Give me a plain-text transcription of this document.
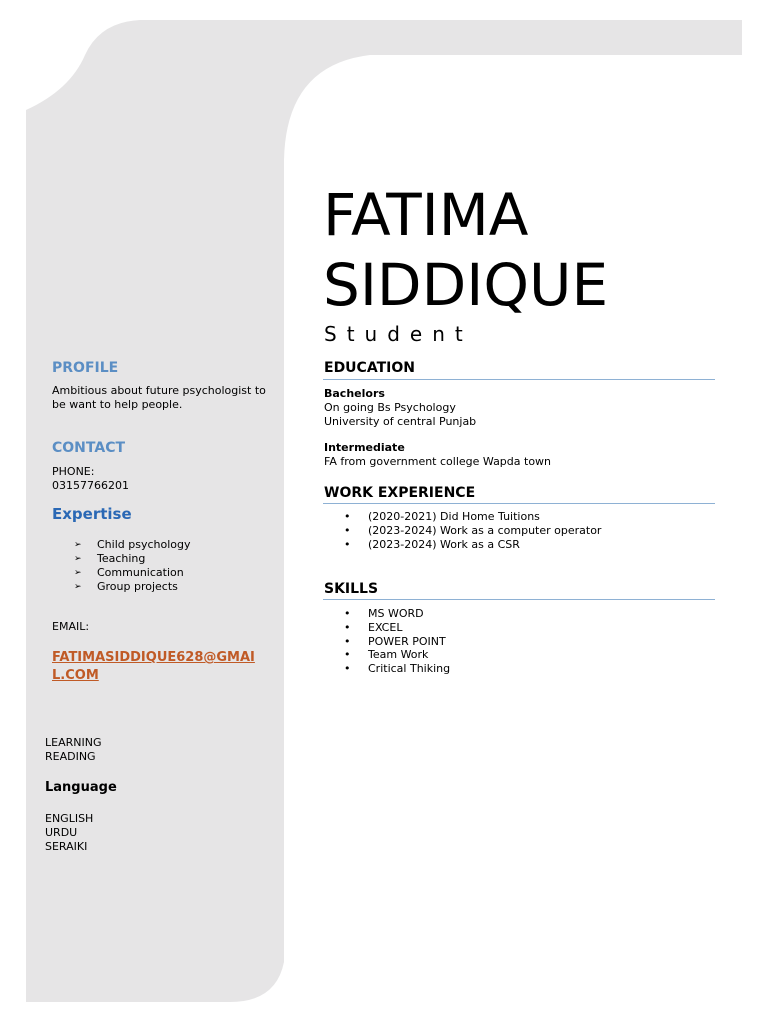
FATIMA
SIDDIQUE

Student

EDUCATION

Bachelors

On going Bs Psychology

University of central Punjab

Intermediate

FA from government college Wapda town

WORK EXPERIENCE

• (2020-2021) Did Home Tuitions
• (2023-2024) Work as a computer operator
• (2023-2024) Work as a CSR

SKILLS

• MS WORD
• EXCEL
• POWER POINT
• Team Work
• Critical Thiking

PROFILE

Ambitious about future psychologist to be want to help people.

CONTACT

PHONE:

03157766201

Expertise

➢ Child psychology
➢ Teaching
➢ Communication
➢ Group projects

EMAIL:

FATIMASIDDIQUE628@GMAIL.COM

LEARNING

READING

Language

ENGLISH

URDU

SERAIKI
